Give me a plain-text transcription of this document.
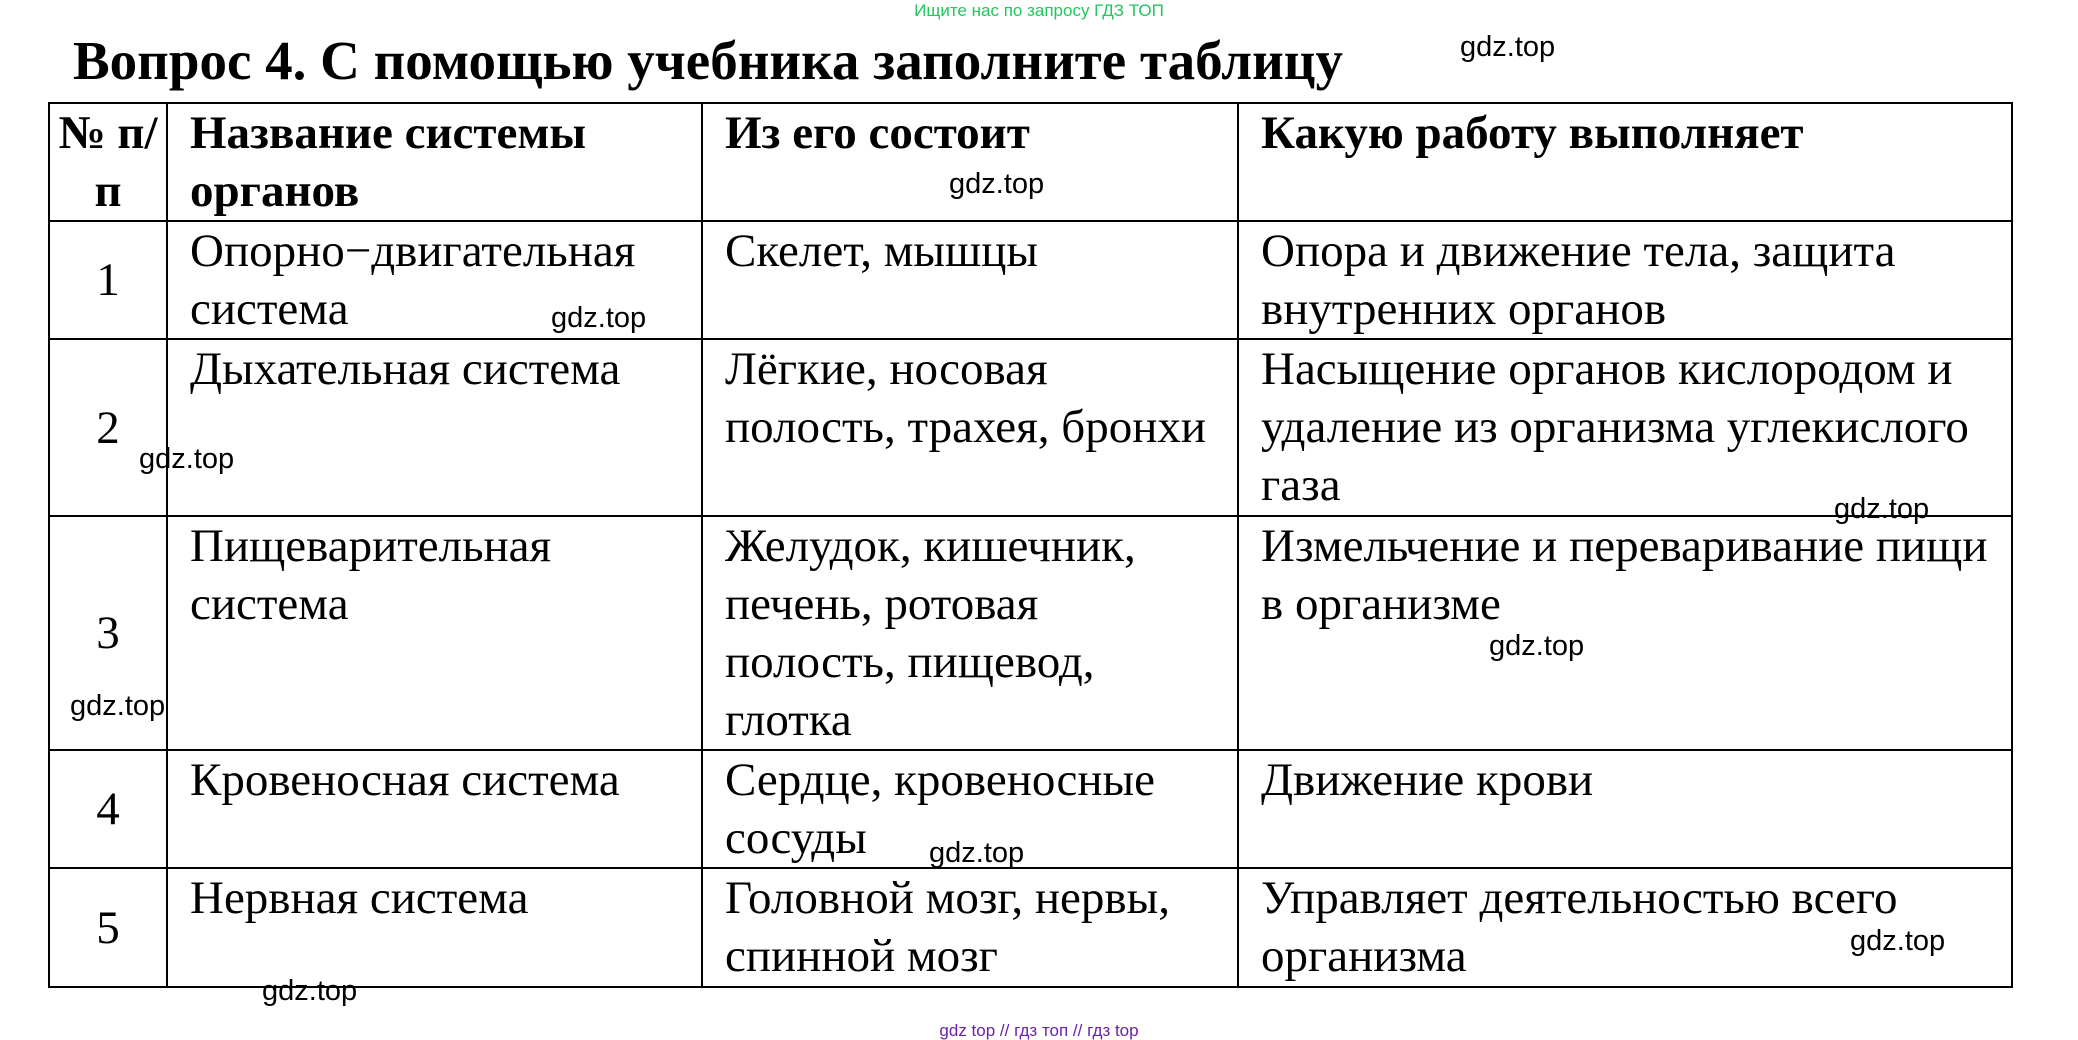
Ищите нас по запросу ГДЗ ТОП
Вопрос 4. С помощью учебника заполните таблицу
№ п/п	Название системы органов	Из его состоит	Какую работу выполняет
1	Опорно−двигательная система	Скелет, мышцы	Опора и движение тела, защита внутренних органов
2	Дыхательная система	Лёгкие, носовая полость, трахея, бронхи	Насыщение органов кислородом и удаление из организма углекислого газа
3	Пищеварительная система	Желудок, кишечник, печень, ротовая полость, пищевод, глотка	Измельчение и переваривание пищи в организме
4	Кровеносная система	Сердце, кровеносные сосуды	Движение крови
5	Нервная система	Головной мозг, нервы, спинной мозг	Управляет деятельностью всего организма
gdz.top
gdz.top
gdz.top
gdz.top
gdz.top
gdz.top
gdz.top
gdz.top
gdz.top
gdz.top
gdz top // гдз топ // гдз top
